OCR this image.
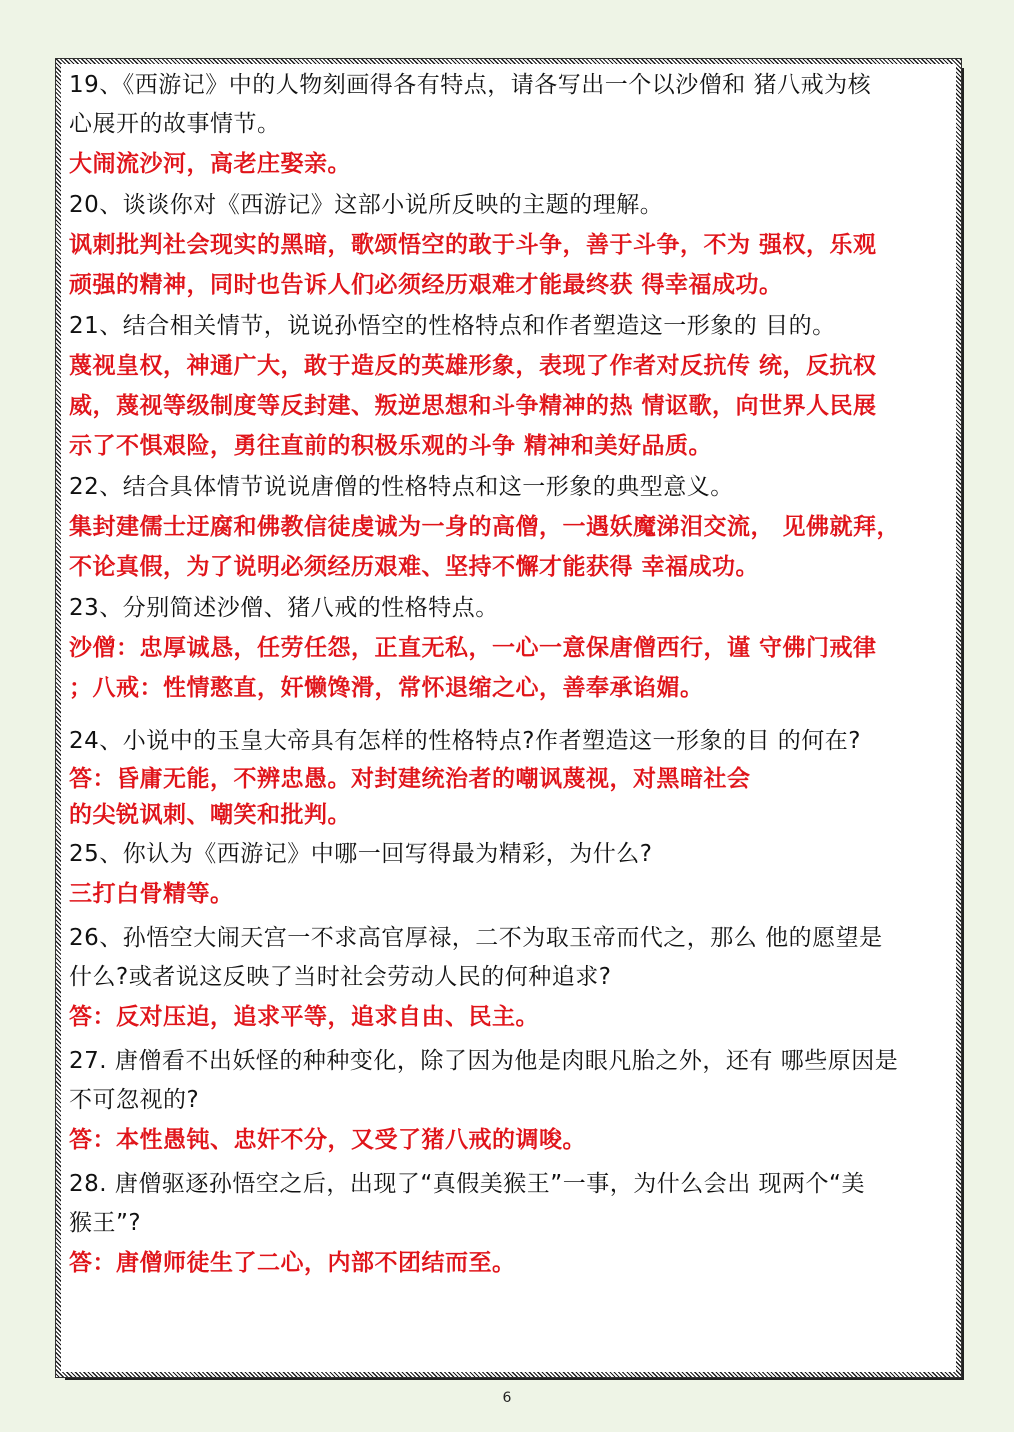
19、《西游记》中的人物刻画得各有特点，请各写出一个以沙僧和 猪八戒为核

心展开的故事情节。

大闹流沙河，高老庄娶亲。

20、谈谈你对《西游记》这部小说所反映的主题的理解。

讽刺批判社会现实的黑暗，歌颂悟空的敢于斗争，善于斗争，不为 强权，乐观

顽强的精神，同时也告诉人们必须经历艰难才能最终获 得幸福成功。

21、结合相关情节，说说孙悟空的性格特点和作者塑造这一形象的 目的。

蔑视皇权，神通广大，敢于造反的英雄形象，表现了作者对反抗传 统，反抗权

威，蔑视等级制度等反封建、叛逆思想和斗争精神的热 情讴歌，向世界人民展

示了不惧艰险，勇往直前的积极乐观的斗争 精神和美好品质。

22、结合具体情节说说唐僧的性格特点和这一形象的典型意义。

集封建儒士迂腐和佛教信徒虔诚为一身的高僧，一遇妖魔涕泪交流， 见佛就拜，

不论真假，为了说明必须经历艰难、坚持不懈才能获得 幸福成功。

23、分别简述沙僧、猪八戒的性格特点。

沙僧：忠厚诚恳，任劳任怨，正直无私，一心一意保唐僧西行，谨 守佛门戒律

；八戒：性情憨直，奸懒馋滑，常怀退缩之心，善奉承谄媚。

24、小说中的玉皇大帝具有怎样的性格特点?作者塑造这一形象的目 的何在?

答：昏庸无能，不辨忠愚。对封建统治者的嘲讽蔑视，对黑暗社会

的尖锐讽刺、嘲笑和批判。

25、你认为《西游记》中哪一回写得最为精彩，为什么?

三打白骨精等。

26、孙悟空大闹天宫一不求高官厚禄，二不为取玉帝而代之，那么 他的愿望是

什么?或者说这反映了当时社会劳动人民的何种追求?

答：反对压迫，追求平等，追求自由、民主。

27. 唐僧看不出妖怪的种种变化，除了因为他是肉眼凡胎之外，还有 哪些原因是

不可忽视的?

答：本性愚钝、忠奸不分，又受了猪八戒的调唆。

28. 唐僧驱逐孙悟空之后，出现了“真假美猴王”一事，为什么会出 现两个“美

猴王”?

答：唐僧师徒生了二心，内部不团结而至。

6
